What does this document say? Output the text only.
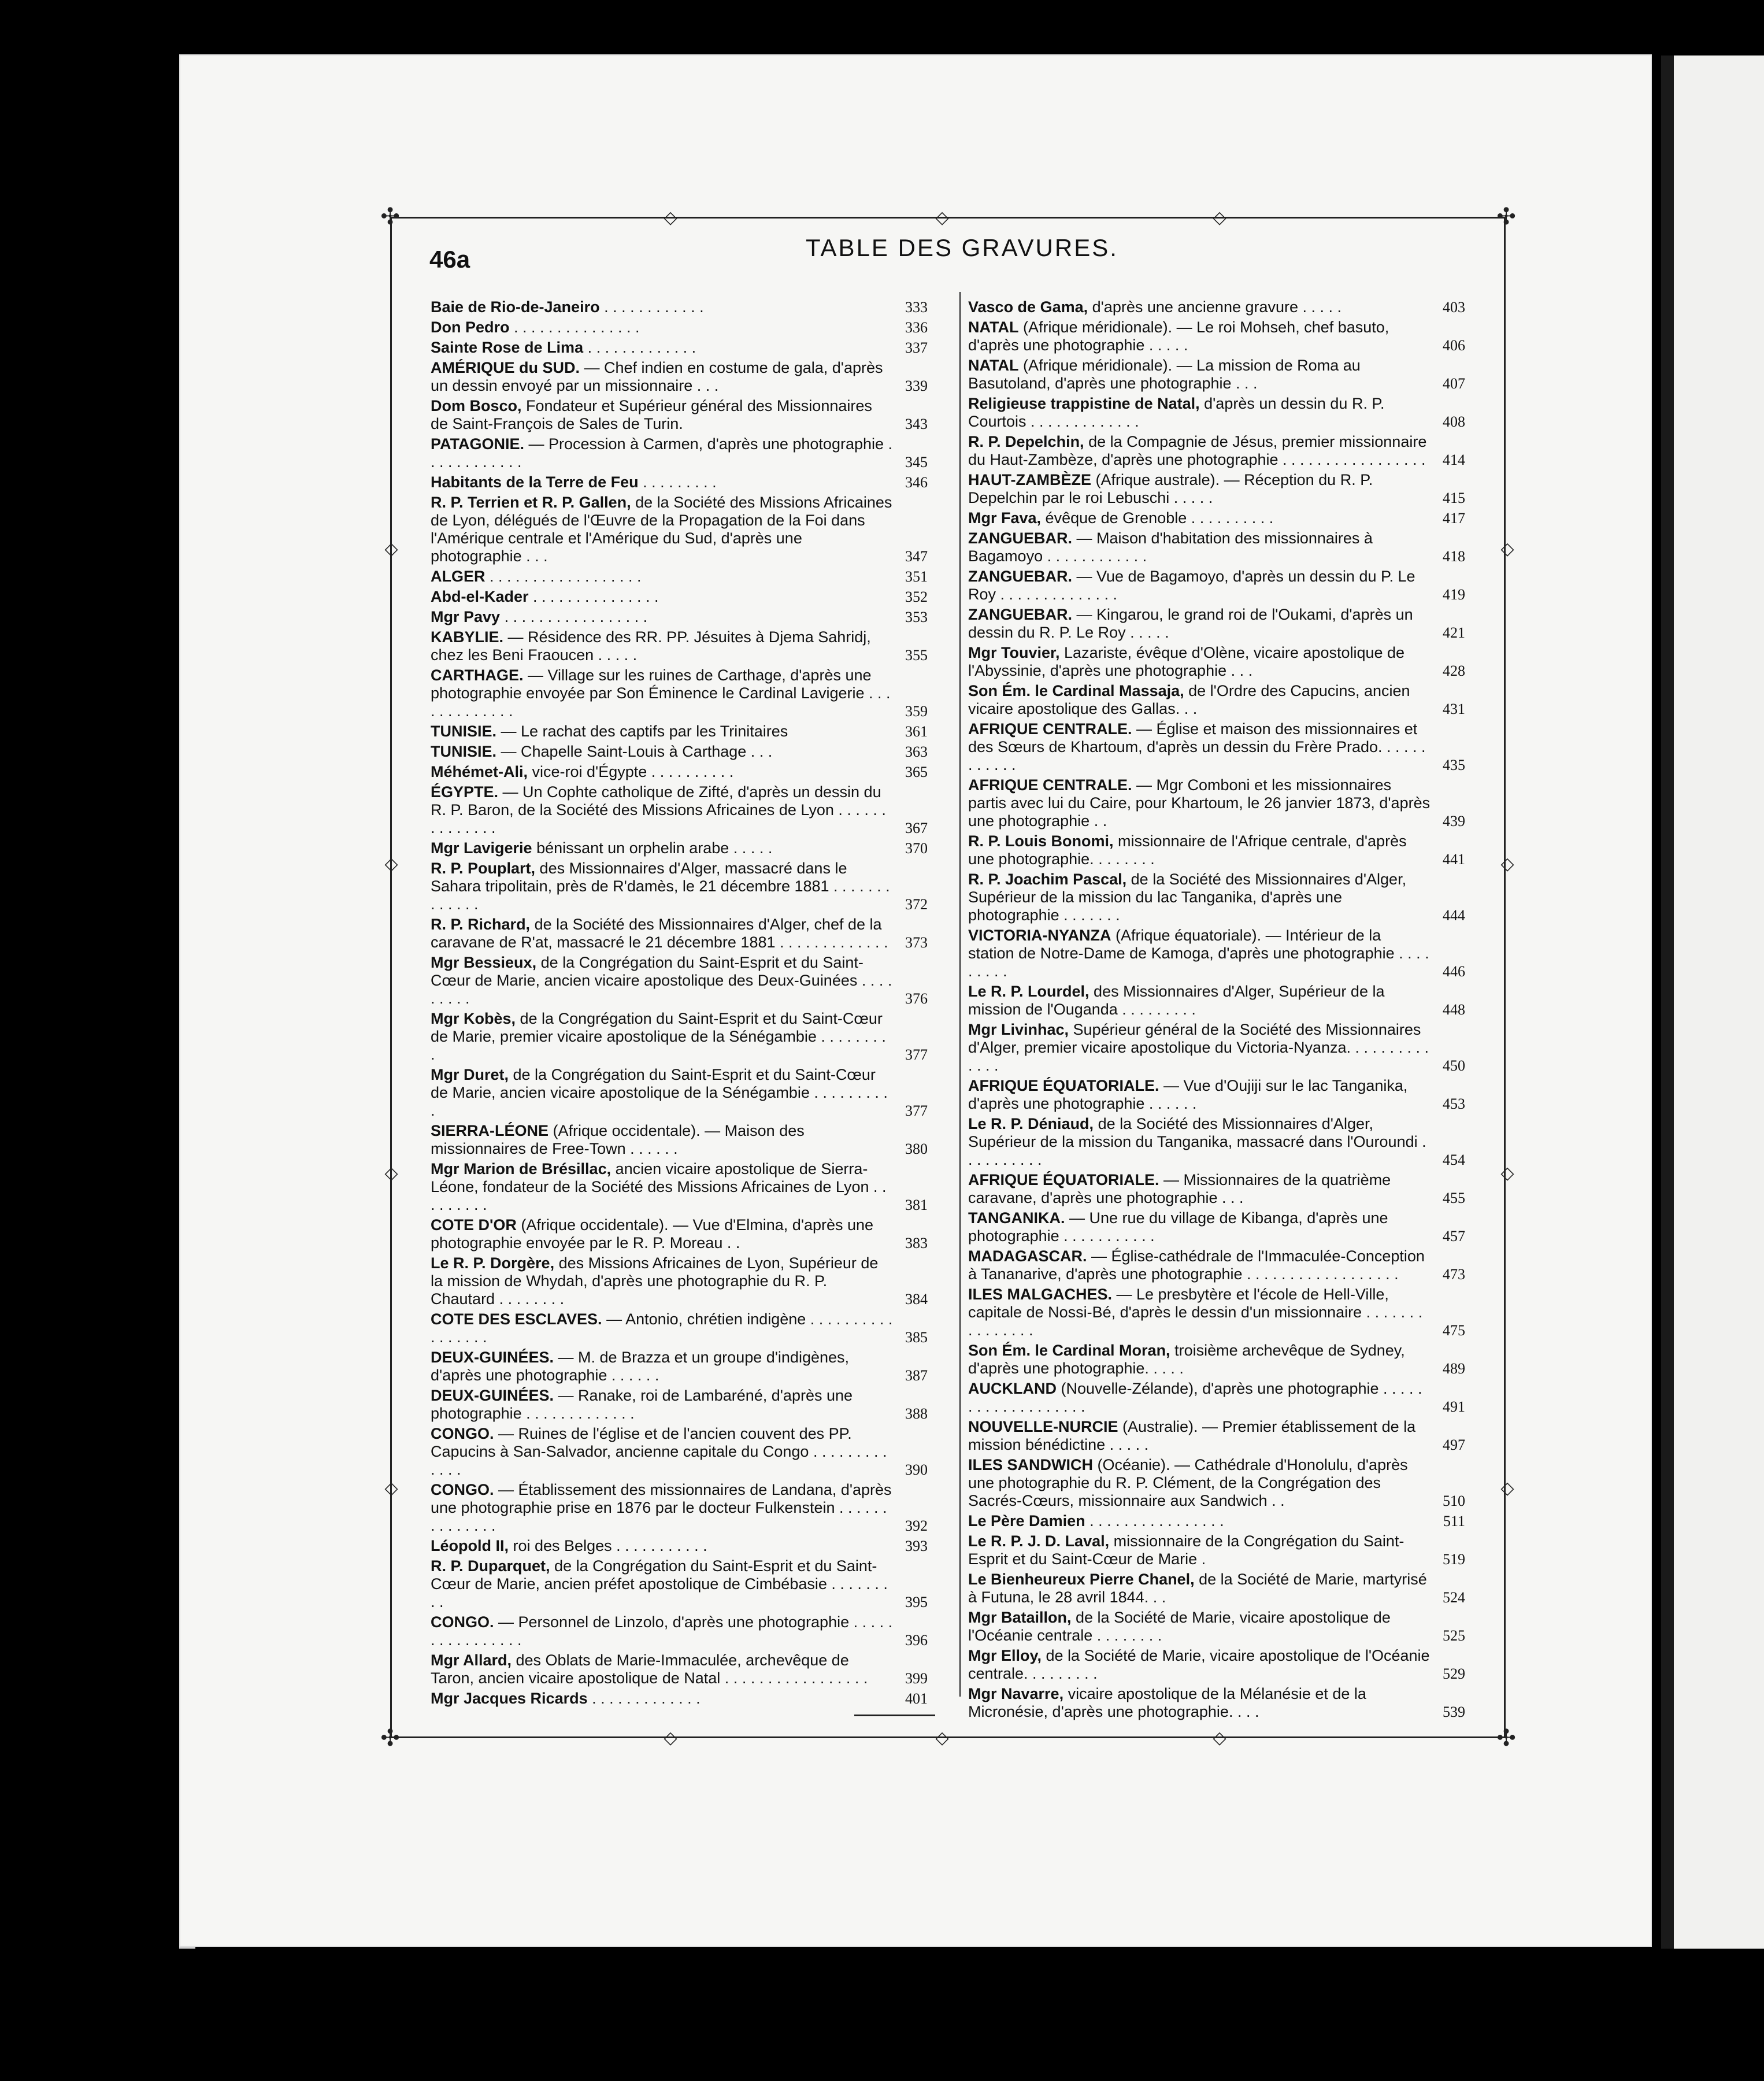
✣	✣
✣	✣
◇	◇	◇
◇
◇
◇
◇
◇
◇
◇
◇
◇	◇	◇
46a	TABLE DES GRAVURES.
Baie de Rio-de-Janeiro . . . . . . . . . . . .	333
Don Pedro . . . . . . . . . . . . . . .	336
Sainte Rose de Lima . . . . . . . . . . . . .	337
AMÉRIQUE du SUD. — Chef indien en costume de gala, d'après un dessin envoyé par un missionnaire . . .	339
Dom Bosco, Fondateur et Supérieur général des Missionnaires de Saint-François de Sales de Turin.	343
PATAGONIE. — Procession à Carmen, d'après une photographie . . . . . . . . . . . .	345
Habitants de la Terre de Feu . . . . . . . . .	346
R. P. Terrien et R. P. Gallen, de la Société des Missions Africaines de Lyon, délégués de l'Œuvre de la Propagation de la Foi dans l'Amérique centrale et l'Amérique du Sud, d'après une photographie . . .	347
ALGER . . . . . . . . . . . . . . . . . .	351
Abd-el-Kader . . . . . . . . . . . . . . .	352
Mgr Pavy . . . . . . . . . . . . . . . . .	353
KABYLIE. — Résidence des RR. PP. Jésuites à Djema Sahridj, chez les Beni Fraoucen . . . . .	355
CARTHAGE. — Village sur les ruines de Carthage, d'après une photographie envoyée par Son Éminence le Cardinal Lavigerie . . . . . . . . . . . . .	359
TUNISIE. — Le rachat des captifs par les Trinitaires	361
TUNISIE. — Chapelle Saint-Louis à Carthage . . .	363
Méhémet-Ali, vice-roi d'Égypte . . . . . . . . . .	365
ÉGYPTE. — Un Cophte catholique de Zifté, d'après un dessin du R. P. Baron, de la Société des Missions Africaines de Lyon . . . . . . . . . . . . . .	367
Mgr Lavigerie bénissant un orphelin arabe . . . . .	370
R. P. Pouplart, des Missionnaires d'Alger, massacré dans le Sahara tripolitain, près de R'damès, le 21 décembre 1881 . . . . . . . . . . . . .	372
R. P. Richard, de la Société des Missionnaires d'Alger, chef de la caravane de R'at, massacré le 21 décembre 1881 . . . . . . . . . . . . .	373
Mgr Bessieux, de la Congrégation du Saint-Esprit et du Saint-Cœur de Marie, ancien vicaire apostolique des Deux-Guinées . . . . . . . . .	376
Mgr Kobès, de la Congrégation du Saint-Esprit et du Saint-Cœur de Marie, premier vicaire apostolique de la Sénégambie . . . . . . . . .	377
Mgr Duret, de la Congrégation du Saint-Esprit et du Saint-Cœur de Marie, ancien vicaire apostolique de la Sénégambie . . . . . . . . . .	377
SIERRA-LÉONE (Afrique occidentale). — Maison des missionnaires de Free-Town . . . . . .	380
Mgr Marion de Brésillac, ancien vicaire apostolique de Sierra-Léone, fondateur de la Société des Missions Africaines de Lyon . . . . . . . . .	381
COTE D'OR (Afrique occidentale). — Vue d'Elmina, d'après une photographie envoyée par le R. P. Moreau . .	383
Le R. P. Dorgère, des Missions Africaines de Lyon, Supérieur de la mission de Whydah, d'après une photographie du R. P. Chautard . . . . . . . .	384
COTE DES ESCLAVES. — Antonio, chrétien indigène . . . . . . . . . . . . . . . . .	385
DEUX-GUINÉES. — M. de Brazza et un groupe d'indigènes, d'après une photographie . . . . . .	387
DEUX-GUINÉES. — Ranake, roi de Lambaréné, d'après une photographie . . . . . . . . . . . . .	388
CONGO. — Ruines de l'église et de l'ancien couvent des PP. Capucins à San-Salvador, ancienne capitale du Congo . . . . . . . . . . . . .	390
CONGO. — Établissement des missionnaires de Landana, d'après une photographie prise en 1876 par le docteur Fulkenstein . . . . . . . . . . . . . .	392
Léopold II, roi des Belges . . . . . . . . . . .	393
R. P. Duparquet, de la Congrégation du Saint-Esprit et du Saint-Cœur de Marie, ancien préfet apostolique de Cimbébasie . . . . . . . . .	395
CONGO. — Personnel de Linzolo, d'après une photographie . . . . . . . . . . . . . . . .	396
Mgr Allard, des Oblats de Marie-Immaculée, archevêque de Taron, ancien vicaire apostolique de Natal . . . . . . . . . . . . . . . . .	399
Mgr Jacques Ricards . . . . . . . . . . . . .	401
Vasco de Gama, d'après une ancienne gravure . . . . .	403
NATAL (Afrique méridionale). — Le roi Mohseh, chef basuto, d'après une photographie . . . . .	406
NATAL (Afrique méridionale). — La mission de Roma au Basutoland, d'après une photographie . . .	407
Religieuse trappistine de Natal, d'après un dessin du R. P. Courtois . . . . . . . . . . . . .	408
R. P. Depelchin, de la Compagnie de Jésus, premier missionnaire du Haut-Zambèze, d'après une photographie . . . . . . . . . . . . . . . . .	414
HAUT-ZAMBÈZE (Afrique australe). — Réception du R. P. Depelchin par le roi Lebuschi . . . . .	415
Mgr Fava, évêque de Grenoble . . . . . . . . . .	417
ZANGUEBAR. — Maison d'habitation des missionnaires à Bagamoyo . . . . . . . . . . . .	418
ZANGUEBAR. — Vue de Bagamoyo, d'après un dessin du P. Le Roy . . . . . . . . . . . . . .	419
ZANGUEBAR. — Kingarou, le grand roi de l'Oukami, d'après un dessin du R. P. Le Roy . . . . .	421
Mgr Touvier, Lazariste, évêque d'Olène, vicaire apostolique de l'Abyssinie, d'après une photographie . . .	428
Son Ém. le Cardinal Massaja, de l'Ordre des Capucins, ancien vicaire apostolique des Gallas. . .	431
AFRIQUE CENTRALE. — Église et maison des missionnaires et des Sœurs de Khartoum, d'après un dessin du Frère Prado. . . . . . . . . . . .	435
AFRIQUE CENTRALE. — Mgr Comboni et les missionnaires partis avec lui du Caire, pour Khartoum, le 26 janvier 1873, d'après une photographie . .	439
R. P. Louis Bonomi, missionnaire de l'Afrique centrale, d'après une photographie. . . . . . . .	441
R. P. Joachim Pascal, de la Société des Missionnaires d'Alger, Supérieur de la mission du lac Tanganika, d'après une photographie . . . . . . .	444
VICTORIA-NYANZA (Afrique équatoriale). — Intérieur de la station de Notre-Dame de Kamoga, d'après une photographie . . . . . . . . .	446
Le R. P. Lourdel, des Missionnaires d'Alger, Supérieur de la mission de l'Ouganda . . . . . . . . .	448
Mgr Livinhac, Supérieur général de la Société des Missionnaires d'Alger, premier vicaire apostolique du Victoria-Nyanza. . . . . . . . . . . . . .	450
AFRIQUE ÉQUATORIALE. — Vue d'Oujiji sur le lac Tanganika, d'après une photographie . . . . . .	453
Le R. P. Déniaud, de la Société des Missionnaires d'Alger, Supérieur de la mission du Tanganika, massacré dans l'Ouroundi . . . . . . . . . .	454
AFRIQUE ÉQUATORIALE. — Missionnaires de la quatrième caravane, d'après une photographie . . .	455
TANGANIKA. — Une rue du village de Kibanga, d'après une photographie . . . . . . . . . . .	457
MADAGASCAR. — Église-cathédrale de l'Immaculée-Conception à Tananarive, d'après une photographie . . . . . . . . . . . . . . . . . .	473
ILES MALGACHES. — Le presbytère et l'école de Hell-Ville, capitale de Nossi-Bé, d'après le dessin d'un missionnaire . . . . . . . . . . . . . . .	475
Son Ém. le Cardinal Moran, troisième archevêque de Sydney, d'après une photographie. . . . .	489
AUCKLAND (Nouvelle-Zélande), d'après une photographie . . . . . . . . . . . . . . . . . . .	491
NOUVELLE-NURCIE (Australie). — Premier établissement de la mission bénédictine . . . . .	497
ILES SANDWICH (Océanie). — Cathédrale d'Honolulu, d'après une photographie du R. P. Clément, de la Congrégation des Sacrés-Cœurs, missionnaire aux Sandwich . .	510
Le Père Damien . . . . . . . . . . . . . . . .	511
Le R. P. J. D. Laval, missionnaire de la Congrégation du Saint-Esprit et du Saint-Cœur de Marie .	519
Le Bienheureux Pierre Chanel, de la Société de Marie, martyrisé à Futuna, le 28 avril 1844. . .	524
Mgr Bataillon, de la Société de Marie, vicaire apostolique de l'Océanie centrale . . . . . . . .	525
Mgr Elloy, de la Société de Marie, vicaire apostolique de l'Océanie centrale. . . . . . . . .	529
Mgr Navarre, vicaire apostolique de la Mélanésie et de la Micronésie, d'après une photographie. . . .	539
